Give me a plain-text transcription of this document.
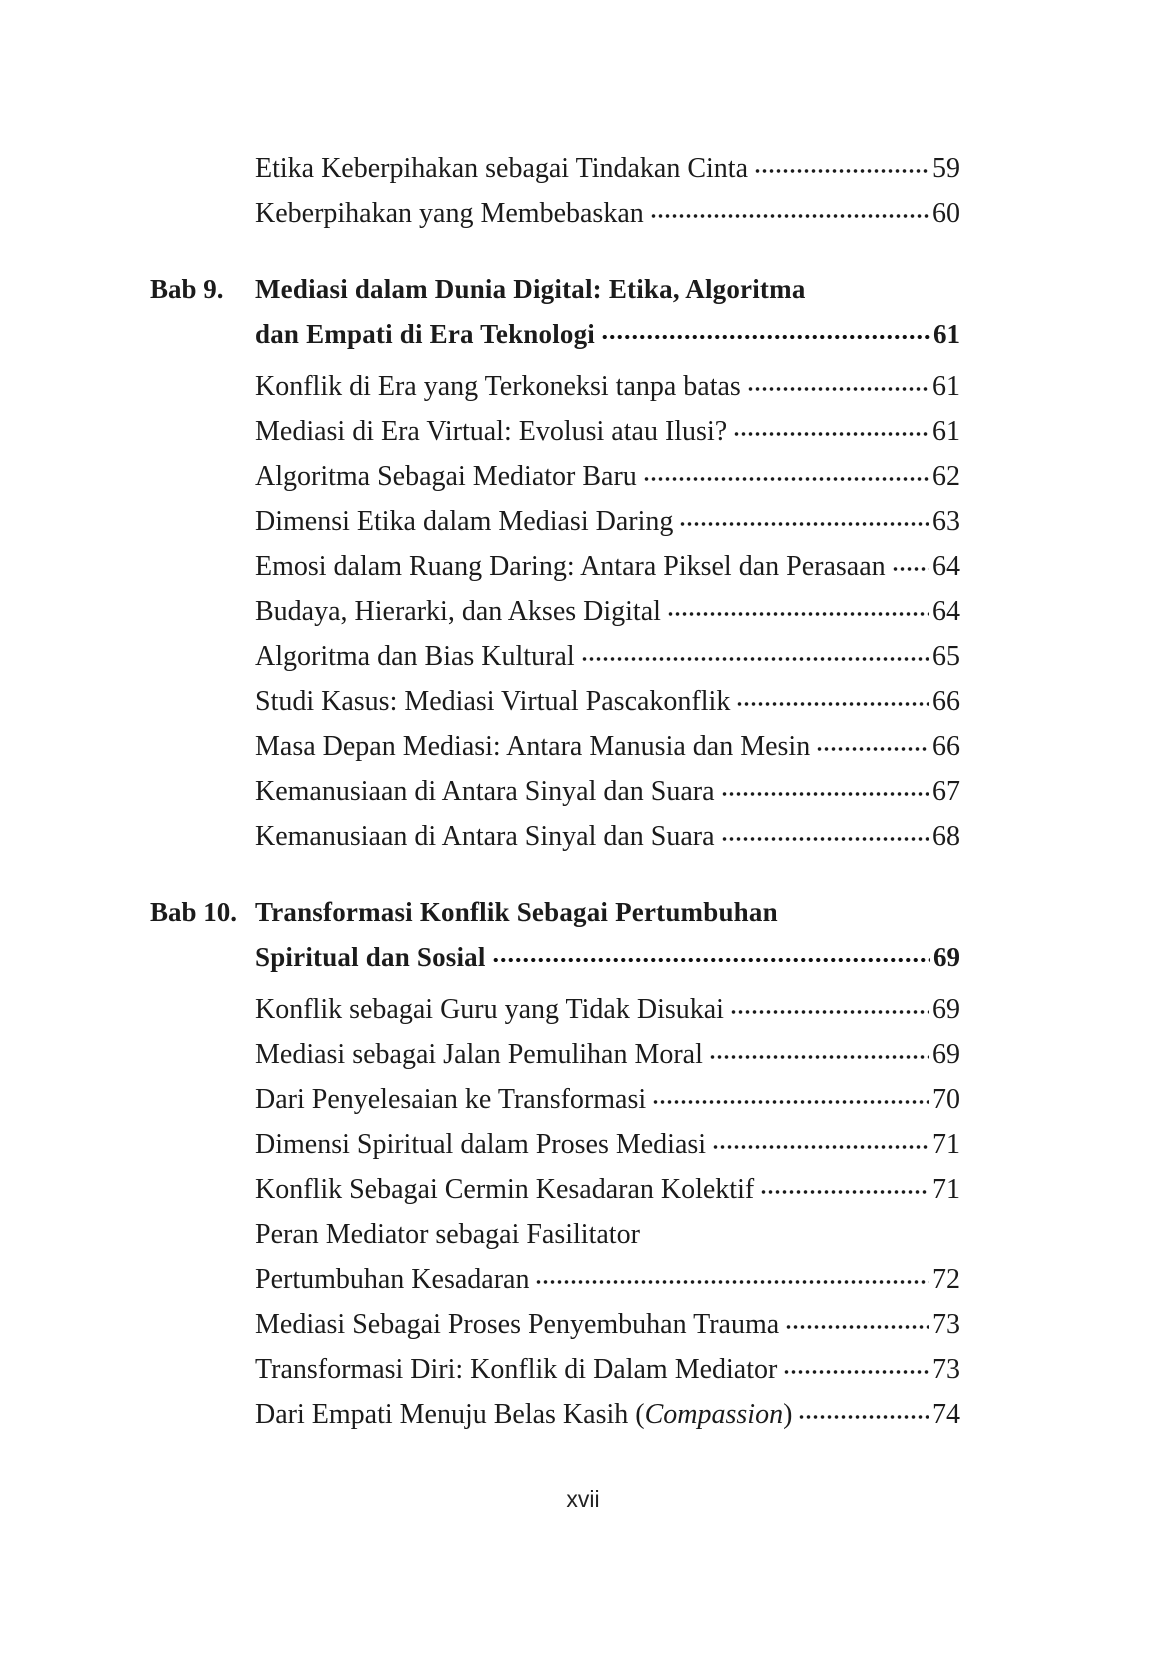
Etika Keberpihakan sebagai Tindakan Cinta	59
Keberpihakan yang Membebaskan	60
Bab 9.	Mediasi dalam Dunia Digital: Etika, Algoritma
dan Empati di Era Teknologi	61
Konflik di Era yang Terkoneksi tanpa batas	61
Mediasi di Era Virtual: Evolusi atau Ilusi?	61
Algoritma Sebagai Mediator Baru	62
Dimensi Etika dalam Mediasi Daring	63
Emosi dalam Ruang Daring: Antara Piksel dan Perasaan 64
Budaya, Hierarki, dan Akses Digital	64
Algoritma dan Bias Kultural	65
Studi Kasus: Mediasi Virtual Pascakonflik	66
Masa Depan Mediasi: Antara Manusia dan Mesin	66
Kemanusiaan di Antara Sinyal dan Suara	67
Kemanusiaan di Antara Sinyal dan Suara	68
Bab 10. Transformasi Konflik Sebagai Pertumbuhan
Spiritual dan Sosial	69
Konflik sebagai Guru yang Tidak Disukai	69
Mediasi sebagai Jalan Pemulihan Moral	69
Dari Penyelesaian ke Transformasi	70
Dimensi Spiritual dalam Proses Mediasi	71
Konflik Sebagai Cermin Kesadaran Kolektif	71
Peran Mediator sebagai Fasilitator
Pertumbuhan Kesadaran	72
Mediasi Sebagai Proses Penyembuhan Trauma	73
Transformasi Diri: Konflik di Dalam Mediator	73
Dari Empati Menuju Belas Kasih ( Compassion )	74
xvii
